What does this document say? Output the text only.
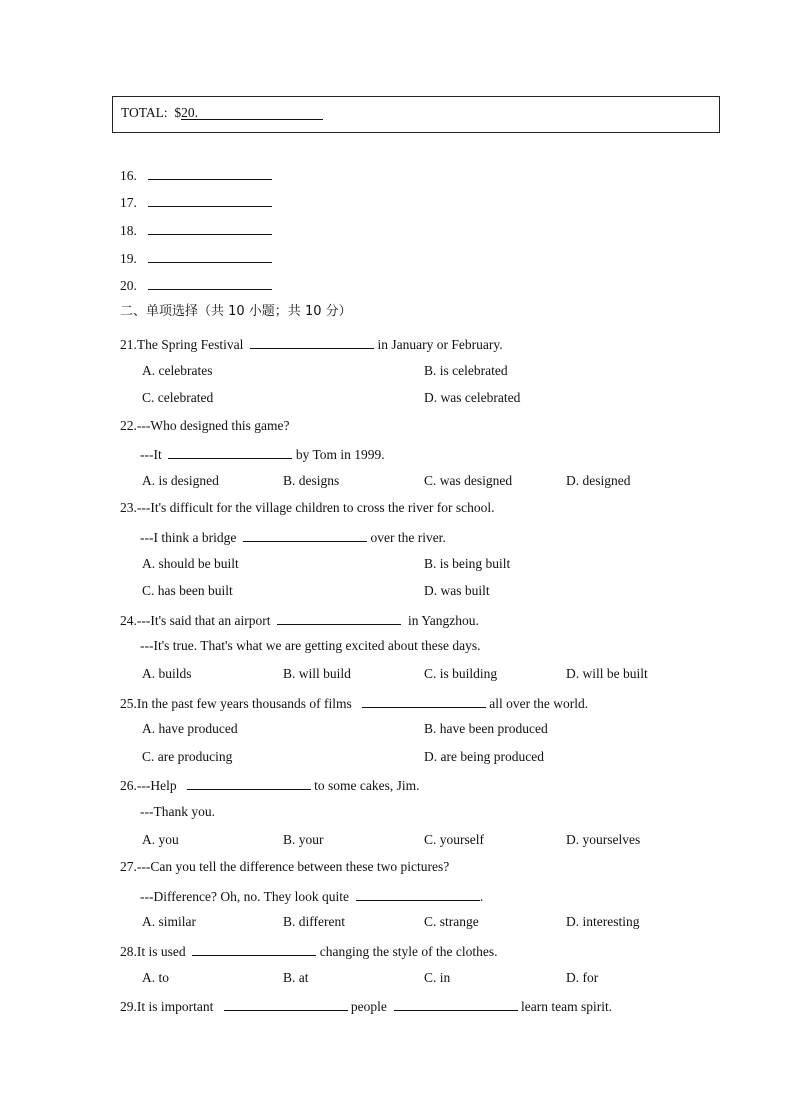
TOTAL: $20.
16.
17.
18.
19.
20.
二、单项选择（共 10 小题；共 10 分）
21.The Spring Festival	in January or February.
A. celebrates	B. is celebrated
C. celebrated	D. was celebrated
22.---Who designed this game?
---It	by Tom in 1999.
A. is designed	B. designs	C. was designed	D. designed
23.---It's difficult for the village children to cross the river for school.
---I think a bridge	over the river.
A. should be built	B. is being built
C. has been built	D. was built
24.---It's said that an airport	in Yangzhou.
---It's true. That's what we are getting excited about these days.
A. builds	B. will build	C. is building	D. will be built
25.In the past few years thousands of films	all over the world.
A. have produced	B. have been produced
C. are producing	D. are being produced
26.---Help	to some cakes, Jim.
---Thank you.
A. you	B. your	C. yourself	D. yourselves
27.---Can you tell the difference between these two pictures?
---Difference? Oh, no. They look quite	.
A. similar	B. different	C. strange	D. interesting
28.It is used	changing the style of the clothes.
A. to	B. at	C. in	D. for
29.It is important	people	learn team spirit.
